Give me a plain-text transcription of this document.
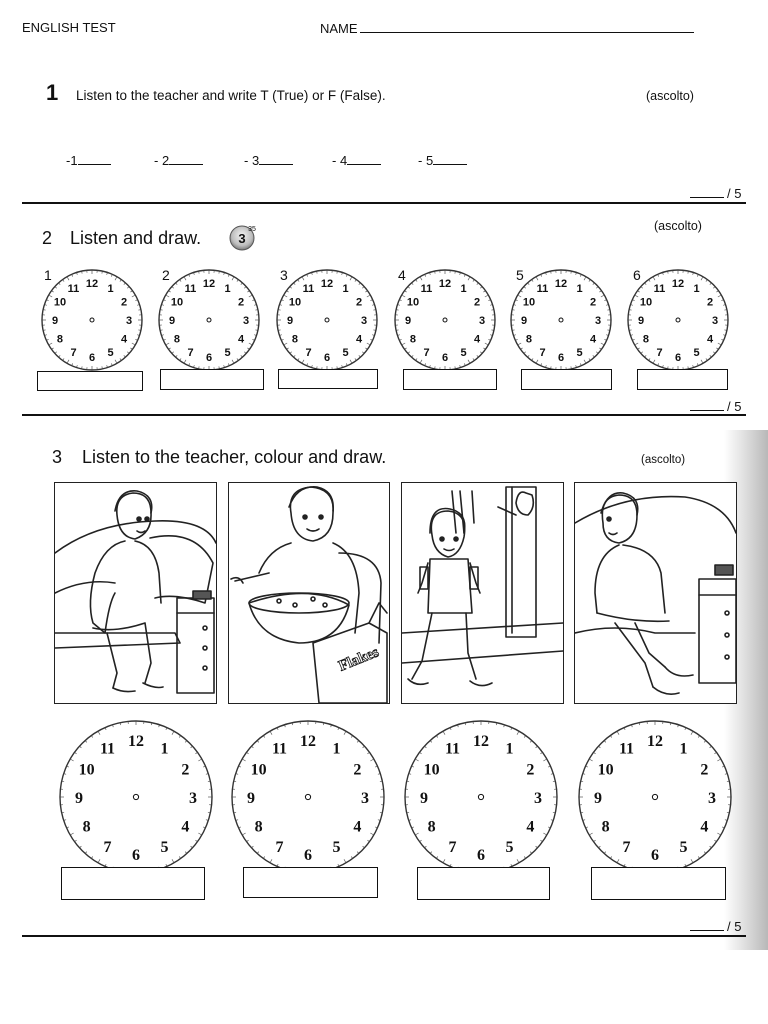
ENGLISH TEST	NAME
1 Listen to the teacher and write T (True) or F (False).	(ascolto)
-1	- 2	- 3	- 4	- 5
/ 5
2 Listen and draw.	3
35	(ascolto)
1	2	3	4	5	6
12 1
2
3
4
5
6
7
8
9
10
11	12 1
2
3
4
5
6
7
8
9
10
11	12 1
2
3
4
5
6
7
8
9
10
11	12 1
2
3
4
5
6
7
8
9
10
11	12 1
2
3
4
5
6
7
8
9
10
11	12 1
2
3
4
5
6
7
8
9
10
11
/ 5
3 Listen to the teacher, colour and draw.	(ascolto)
Flakes
12 1
2
3
4
5
6
7
8
9
10
11	12 1
2
3
4
5
6
7
8
9
10
11	12 1
2
3
4
5
6
7
8
9
10
11	12 1
2
3
4
5
6
7
8
9
10
11
/ 5
